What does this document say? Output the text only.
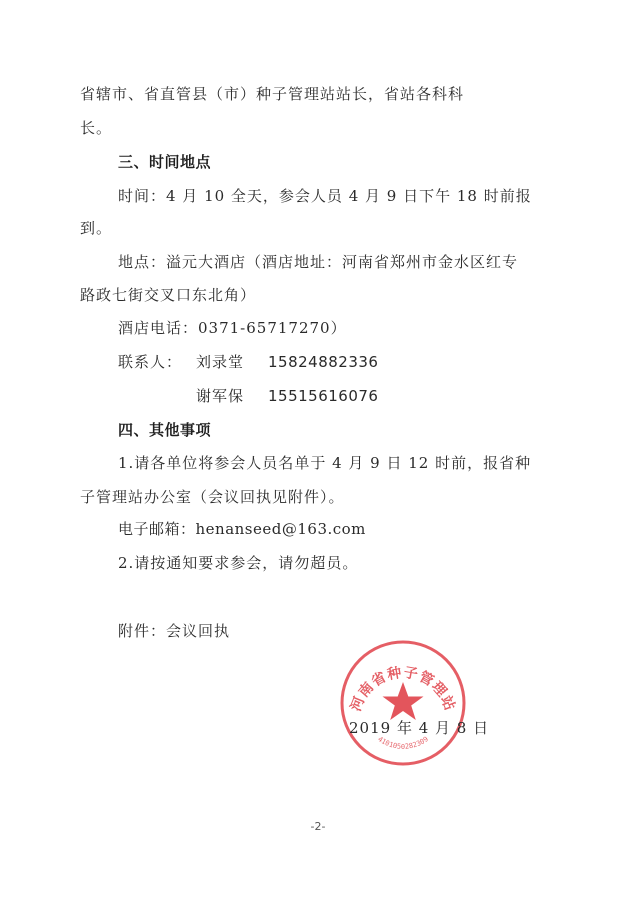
省辖市、省直管县（市）种子管理站站长，省站各科科

长。

三、时间地点

时间：4 月 10 全天，参会人员 4 月 9 日下午 18 时前报

到。

地点：溢元大酒店（酒店地址：河南省郑州市金水区红专

路政七街交叉口东北角）

酒店电话：0371-65717270）

联系人： 刘录堂 15824882336

谢军保 15515616076

四、其他事项

1.请各单位将参会人员名单于 4 月 9 日 12 时前，报省种

子管理站办公室（会议回执见附件）。

电子邮箱：henanseed@163.com

2.请按通知要求参会，请勿超员。

附件：会议回执

河南省种子管理站
4101050282309
2019 年 4 月 8 日
-2-
